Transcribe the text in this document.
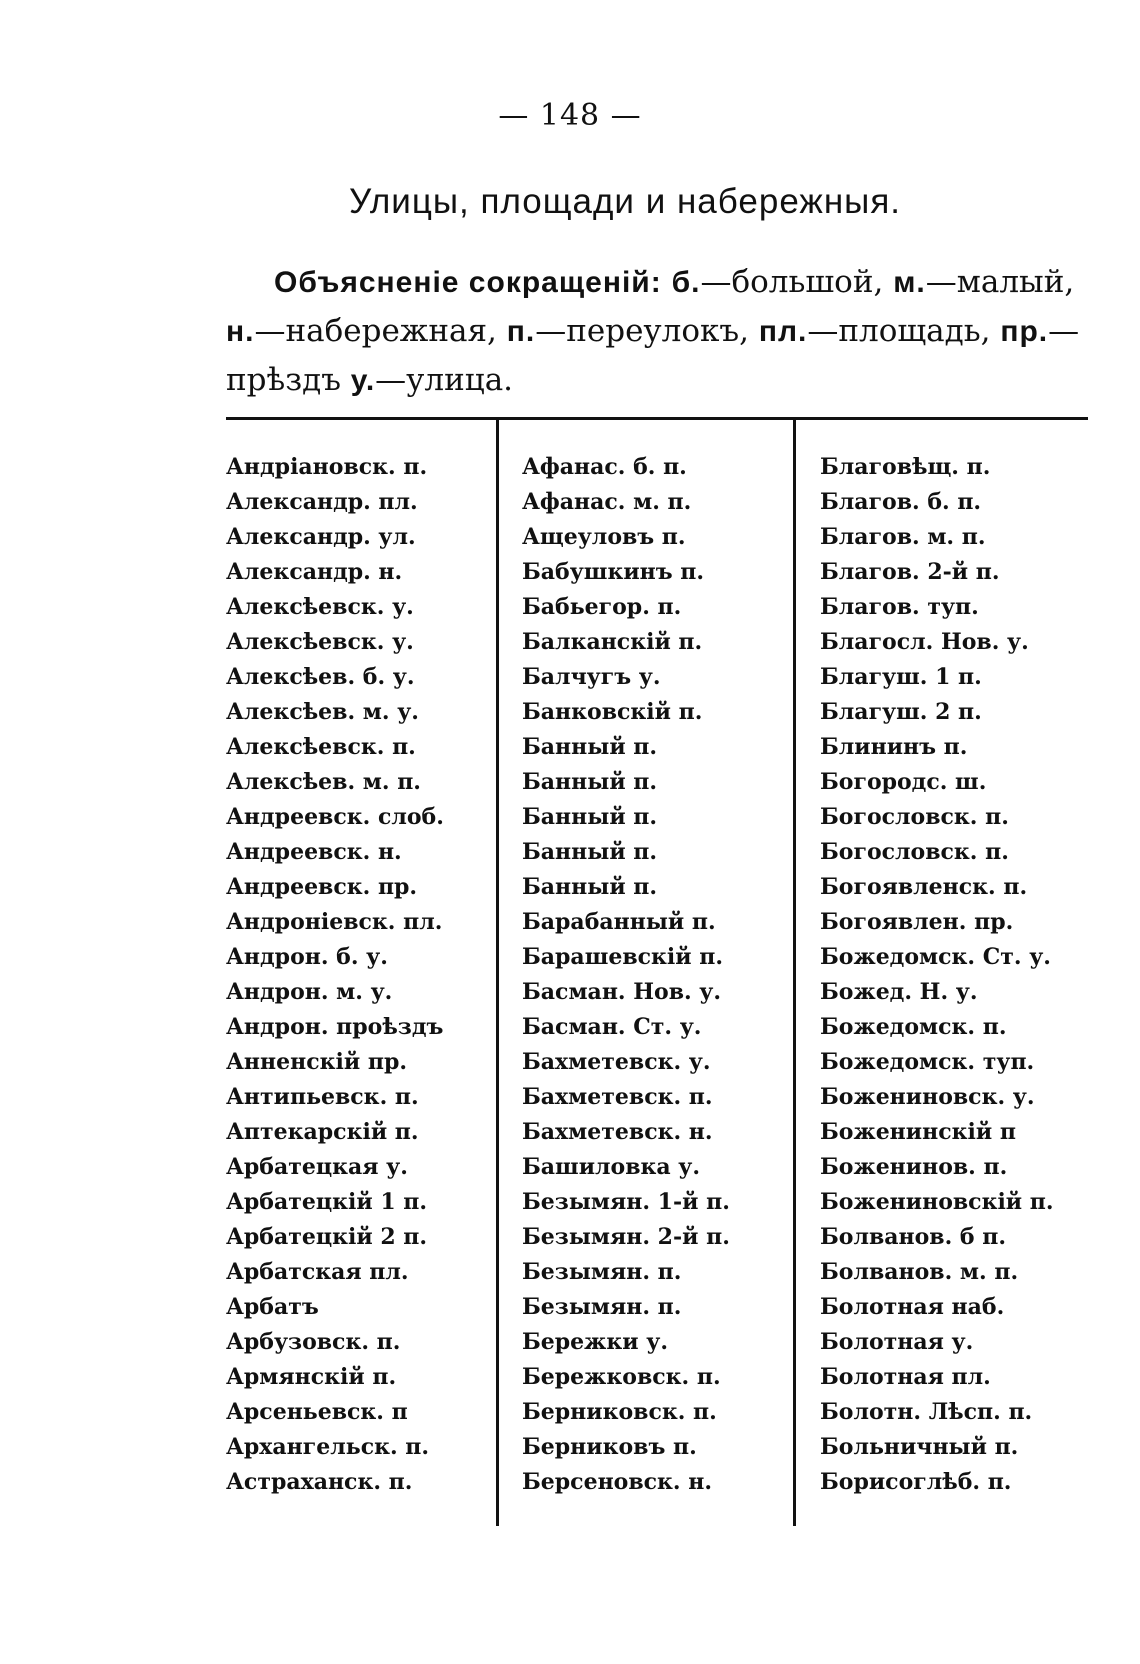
— 148 —
Улицы, площади и набережныя.
Объясненіе сокращеній: б.—большой, м.—малый,
н.—набережная, п.—переулокъ, пл.—площадь, пр.—
прѣздъ у.—улица.
Андріановск. п.
Александр. пл.
Александр. ул.
Александр. н.
Алексѣевск. у.
Алексѣевск. у.
Алексѣев. б. у.
Алексѣев. м. у.
Алексѣевск. п.
Алексѣев. м. п.
Андреевск. слоб.
Андреевск. н.
Андреевск. пр.
Андроніевск. пл.
Андрон. б. у.
Андрон. м. у.
Андрон. проѣздъ
Анненскій пр.
Антипьевск. п.
Аптекарскій п.
Арбатецкая у.
Арбатецкій 1 п.
Арбатецкій 2 п.
Арбатская пл.
Арбатъ
Арбузовск. п.
Армянскій п.
Арсеньевск. п
Архангельск. п.
Астраханск. п.
Афанас. б. п.
Афанас. м. п.
Ащеуловъ п.
Бабушкинъ п.
Бабьегор. п.
Балканскій п.
Балчугъ у.
Банковскій п.
Банный п.
Банный п.
Банный п.
Банный п.
Банный п.
Барабанный п.
Барашевскій п.
Басман. Нов. у.
Басман. Ст. у.
Бахметевск. у.
Бахметевск. п.
Бахметевск. н.
Башиловка у.
Безымян. 1-й п.
Безымян. 2-й п.
Безымян. п.
Безымян. п.
Бережки у.
Бережковск. п.
Берниковск. п.
Берниковъ п.
Берсеновск. н.
Благовѣщ. п.
Благов. б. п.
Благов. м. п.
Благов. 2-й п.
Благов. туп.
Благосл. Нов. у.
Благуш. 1 п.
Благуш. 2 п.
Блининъ п.
Богородс. ш.
Богословск. п.
Богословск. п.
Богоявленск. п.
Богоявлен. пр.
Божедомск. Ст. у.
Божед. Н. у.
Божедомск. п.
Божедомск. туп.
Божениновск. у.
Боженинскій п
Боженинов. п.
Божениновскій п.
Болванов. б п.
Болванов. м. п.
Болотная наб.
Болотная у.
Болотная пл.
Болотн. Лѣсп. п.
Больничный п.
Борисоглѣб. п.
